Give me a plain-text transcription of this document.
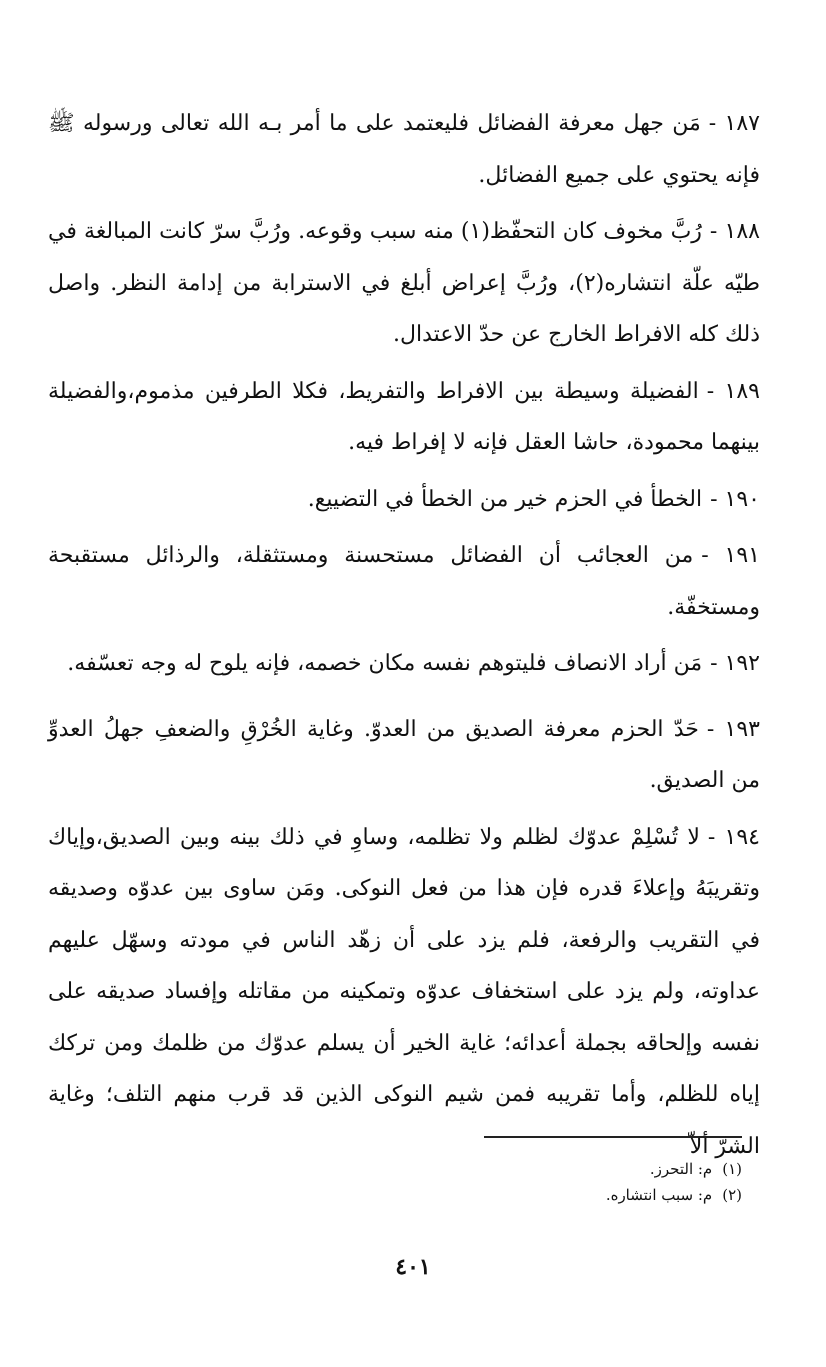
١٨٧ -مَن جهل معرفة الفضائل فليعتمد على ما أمر بـه الله تعالى ورسوله ﷺ فإنه يحتوي على جميع الفضائل.

١٨٨ -رُبَّ مخوف كان التحفّظ(١) منه سبب وقوعه. ورُبَّ سرّ كانت المبالغة في طيّه علّة انتشاره(٢)، ورُبَّ إعراض أبلغ في الاسترابة من إدامة النظر. واصل ذلك كله الافراط الخارج عن حدّ الاعتدال.

١٨٩ -الفضيلة وسيطة بين الافراط والتفريط، فكلا الطرفين مذموم،والفضيلة بينهما محمودة، حاشا العقل فإنه لا إفراط فيه.

١٩٠ -الخطأ في الحزم خير من الخطأ في التضييع.

١٩١ -من العجائب أن الفضائل مستحسنة ومستثقلة، والرذائل مستقبحة ومستخفّة.

١٩٢ -مَن أراد الانصاف فليتوهم نفسه مكان خصمه، فإنه يلوح له وجه تعسّفه.

١٩٣ -حَدّ الحزم معرفة الصديق من العدوّ. وغاية الخُرْقِ والضعفِ جهلُ العدوِّ من الصديق.

١٩٤ -لا تُسْلِمْ عدوّك لظلم ولا تظلمه، وساوِ في ذلك بينه وبين الصديق،وإياك وتقريبَهُ وإعلاءَ قدره فإن هذا من فعل النوكى. ومَن ساوى بين عدوّه وصديقه في التقريب والرفعة، فلم يزد على أن زهّد الناس في مودته وسهّل عليهم عداوته، ولم يزد على استخفاف عدوّه وتمكينه من مقاتله وإفساد صديقه على نفسه وإلحاقه بجملة أعدائه؛ غاية الخير أن يسلم عدوّك من ظلمك ومن تركك إياه للظلم، وأما تقريبه فمن شيم النوكى الذين قد قرب منهم التلف؛ وغاية الشرّ ألاّ

(١)م: التحرز.

(٢)م: سبب انتشاره.

٤٠١
